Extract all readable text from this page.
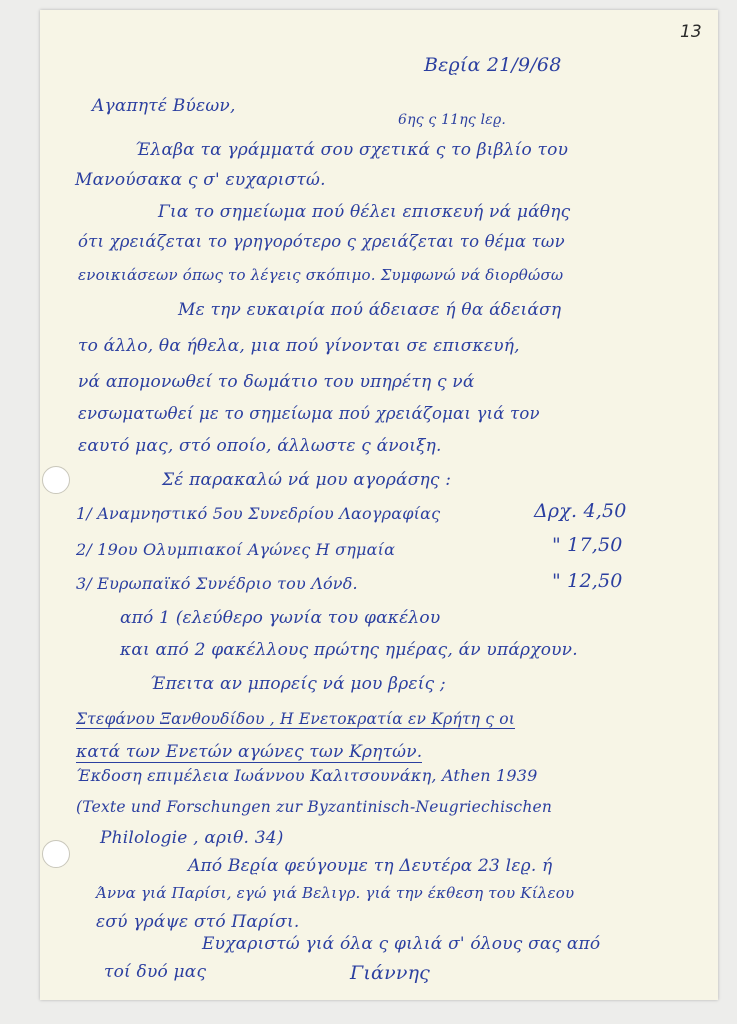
13
Βεϱία 21/9/68
Αγαπητέ Βύεων,
6ης ς 11ης lεϱ.
Έλαβα τα γράμματά σου σχετικά ς το βιβλίο του
Μανούσακα ς σ' ευχαριστώ.
Για το σημείωμα πού θέλει επισκευή νά μάθης
ότι χρειάζεται το γρηγορότερο ς χρειάζεται το θέμα των
ενοικιάσεων όπως το λέγεις σκόπιμο. Συμφωνώ νά διορθώσω
Με την ευκαιρία πού άδειασε ή θα άδειάση
το άλλο, θα ήθελα, μια πού γίνονται σε επισκευή,
νά απομονωθεί το δωμάτιο του υπηρέτη ς νά
ενσωματωθεί με το σημείωμα πού χρειάζομαι γιά τον
εαυτό μας, στό οποίο, άλλωστε ς άνοιξη.
Σέ παρακαλώ νά μου αγοράσης :
1/ Αναμνηστικό 5ου Συνεδρίου Λαογραφίας	Δρχ. 4,50
2/ 19ου Ολυμπιακοί Αγώνες Η σημαία	" 17,50
3/ Ευρωπαϊκό Συνέδριο του Λόνδ.	" 12,50
από 1 (ελεύθερο γωνία του φακέλου
και από 2 φακέλλους πρώτης ημέρας, άν υπάρχουν.
Έπειτα αν μπορείς νά μου βρείς ;
Στεφάνου Ξανθουδίδου , Η Ενετοκρατία εν Κρήτη ς οι
κατά των Ενετών αγώνες των Κρητών.
Έκδοση επιμέλεια Ιωάννου Καλιτσουνάκη, Athen 1939
(Texte und Forschungen zur Byzantinisch-Neugriechischen
Philologie , αριθ. 34)
Από Βεϱία φεύγουμε τη Δευτέρα 23 lεϱ. ή
Άννα γιά Παρίσι, εγώ γιά Βελιγρ. γιά την έκθεση του Κίλεου
εσύ γράψε στό Παρίσι.
Ευχαριστώ γιά όλα ς φιλιά σ' όλους σας από
τοί δυό μας	Γιάννης
